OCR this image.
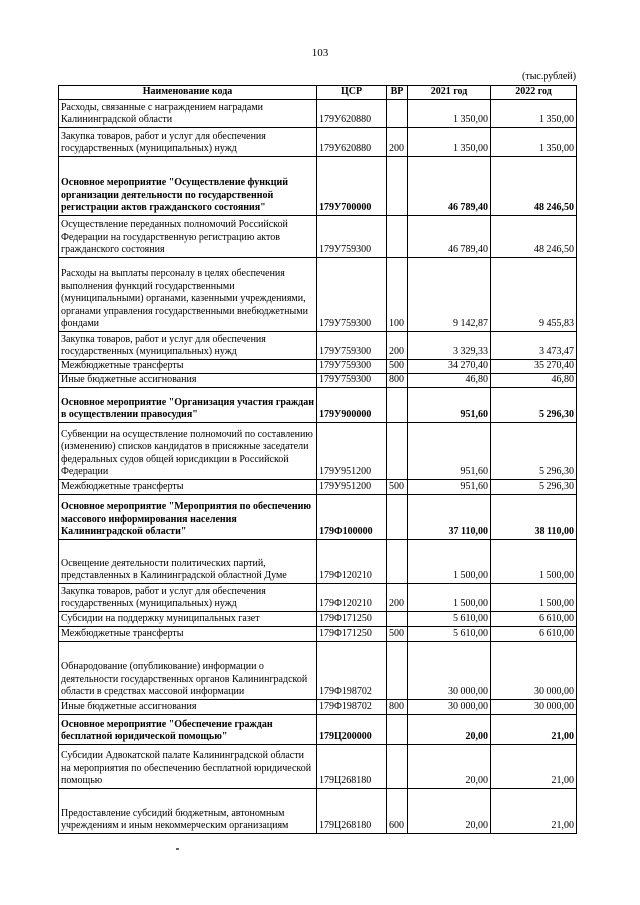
103
(тыс.рублей)
Наименование кода	ЦСР	ВР	2021 год	2022 год
Расходы, связанные с награждением наградами Калининградской области	179У620880		1 350,00	1 350,00
Закупка товаров, работ и услуг для обеспечения государственных (муниципальных) нужд	179У620880	200	1 350,00	1 350,00
Основное мероприятие "Осуществление функций организации деятельности по государственной регистрации актов гражданского состояния"	179У700000		46 789,40	48 246,50
Осуществление переданных полномочий Российской Федерации на государственную регистрацию актов гражданского состояния	179У759300		46 789,40	48 246,50
Расходы на выплаты персоналу в целях обеспечения выполнения функций государственными (муниципальными) органами, казенными учреждениями, органами управления государственными внебюджетными фондами	179У759300	100	9 142,87	9 455,83
Закупка товаров, работ и услуг для обеспечения государственных (муниципальных) нужд	179У759300	200	3 329,33	3 473,47
Межбюджетные трансферты	179У759300	500	34 270,40	35 270,40
Иные бюджетные ассигнования	179У759300	800	46,80	46,80
Основное мероприятие "Организация участия граждан в осуществлении правосудия"	179У900000		951,60	5 296,30
Субвенции на осуществление полномочий по составлению (изменению) списков кандидатов в присяжные заседатели федеральных судов общей юрисдикции в Российской Федерации	179У951200		951,60	5 296,30
Межбюджетные трансферты	179У951200	500	951,60	5 296,30
Основное мероприятие "Мероприятия по обеспечению массового информирования населения Калининградской области"	179Ф100000		37 110,00	38 110,00
Освещение деятельности политических партий, представленных в Калининградской областной Думе	179Ф120210		1 500,00	1 500,00
Закупка товаров, работ и услуг для обеспечения государственных (муниципальных) нужд	179Ф120210	200	1 500,00	1 500,00
Субсидии на поддержку муниципальных газет	179Ф171250		5 610,00	6 610,00
Межбюджетные трансферты	179Ф171250	500	5 610,00	6 610,00
Обнародование (опубликование) информации о деятельности государственных органов Калининградской области в средствах массовой информации	179Ф198702		30 000,00	30 000,00
Иные бюджетные ассигнования	179Ф198702	800	30 000,00	30 000,00
Основное мероприятие "Обеспечение граждан бесплатной юридической помощью"	179Ц200000		20,00	21,00
Субсидии Адвокатской палате Калининградской области на мероприятия по обеспечению бесплатной юридической помощью	179Ц268180		20,00	21,00
Предоставление субсидий бюджетным, автономным учреждениям и иным некоммерческим организациям	179Ц268180	600	20,00	21,00
